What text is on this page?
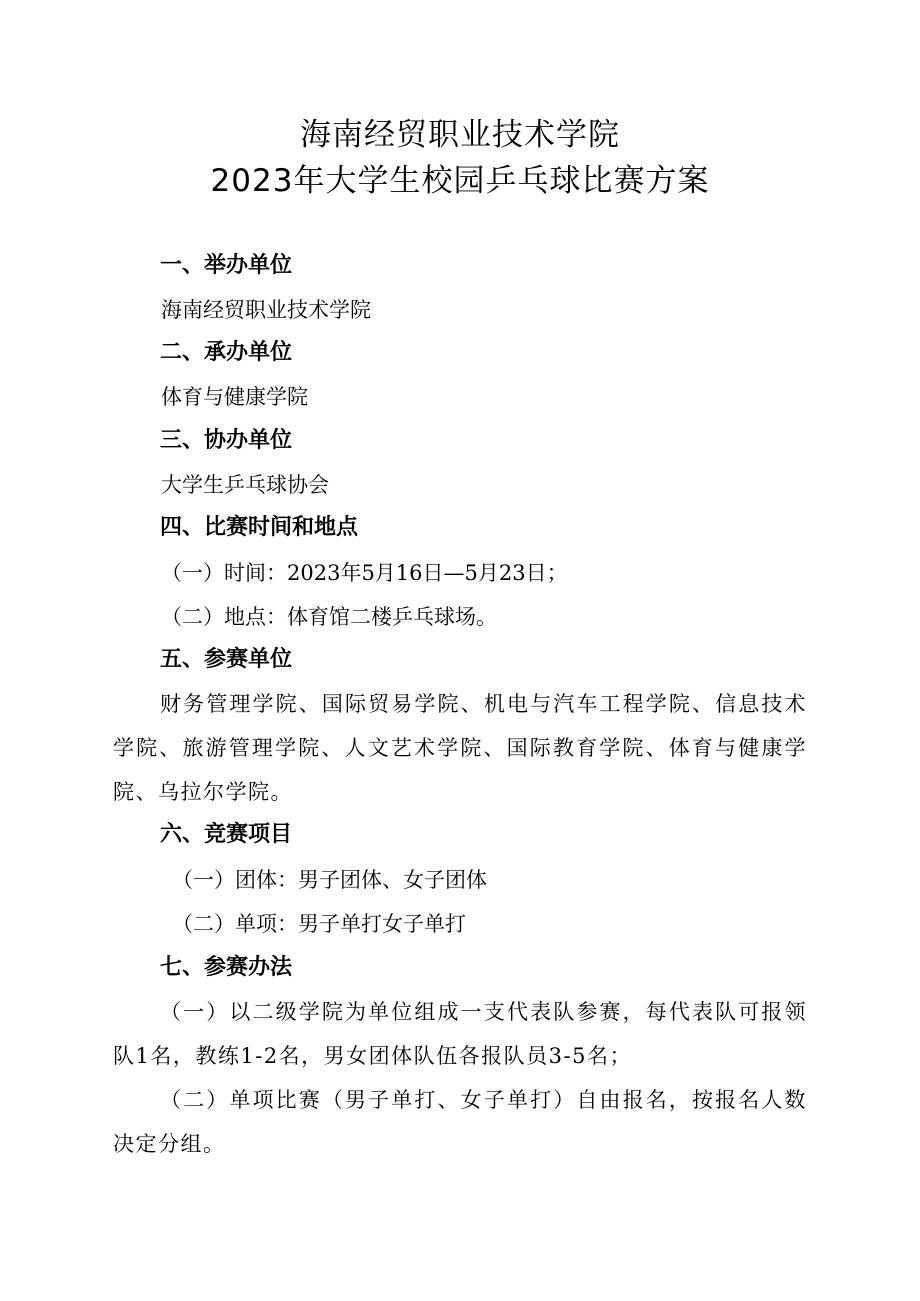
海南经贸职业技术学院
2023年大学生校园乒乓球比赛方案
一、举办单位
海南经贸职业技术学院
二、承办单位
体育与健康学院
三、协办单位
大学生乒乓球协会
四、比赛时间和地点
（一）时间：2023年5月16日—5月23日；
（二）地点：体育馆二楼乒乓球场。
五、参赛单位
财务管理学院、国际贸易学院、机电与汽车工程学院、信息技术学院、旅游管理学院、人文艺术学院、国际教育学院、体育与健康学院、乌拉尔学院。
六、竞赛项目
（一）团体：男子团体、女子团体
（二）单项：男子单打女子单打
七、参赛办法
（一）以二级学院为单位组成一支代表队参赛，每代表队可报领队1名，教练1-2名，男女团体队伍各报队员3-5名；
（二）单项比赛（男子单打、女子单打）自由报名，按报名人数决定分组。
